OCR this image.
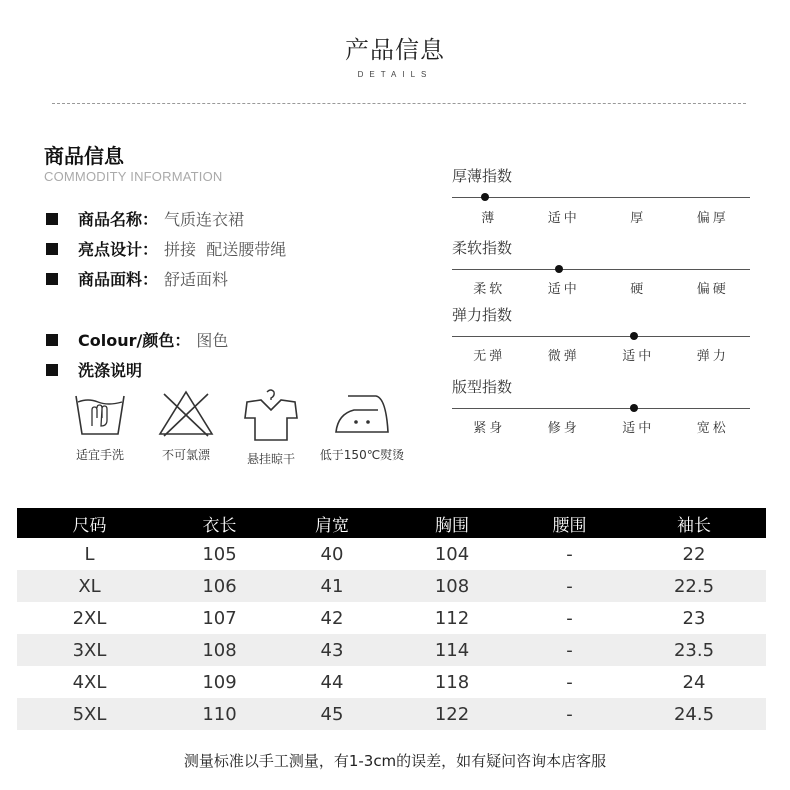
产品信息
DETAILS
商品信息
COMMODITY INFORMATION
商品名称： 气质连衣裙
亮点设计： 拼接  配送腰带绳
商品面料： 舒适面料
Colour/颜色： 图色
洗涤说明
适宜手洗	不可氯漂	悬挂晾干	低于150℃熨烫
厚薄指数
薄	适中	厚	偏厚
柔软指数
柔软	适中	硬	偏硬
弹力指数
无弹	微弹	适中	弹力
版型指数
紧身	修身	适中	宽松
尺码	衣长	肩宽	胸围	腰围	袖长
L	105	40	104	-	22
XL	106	41	108	-	22.5
2XL	107	42	112	-	23
3XL	108	43	114	-	23.5
4XL	109	44	118	-	24
5XL	110	45	122	-	24.5
测量标准以手工测量，有1-3cm的误差，如有疑问咨询本店客服
